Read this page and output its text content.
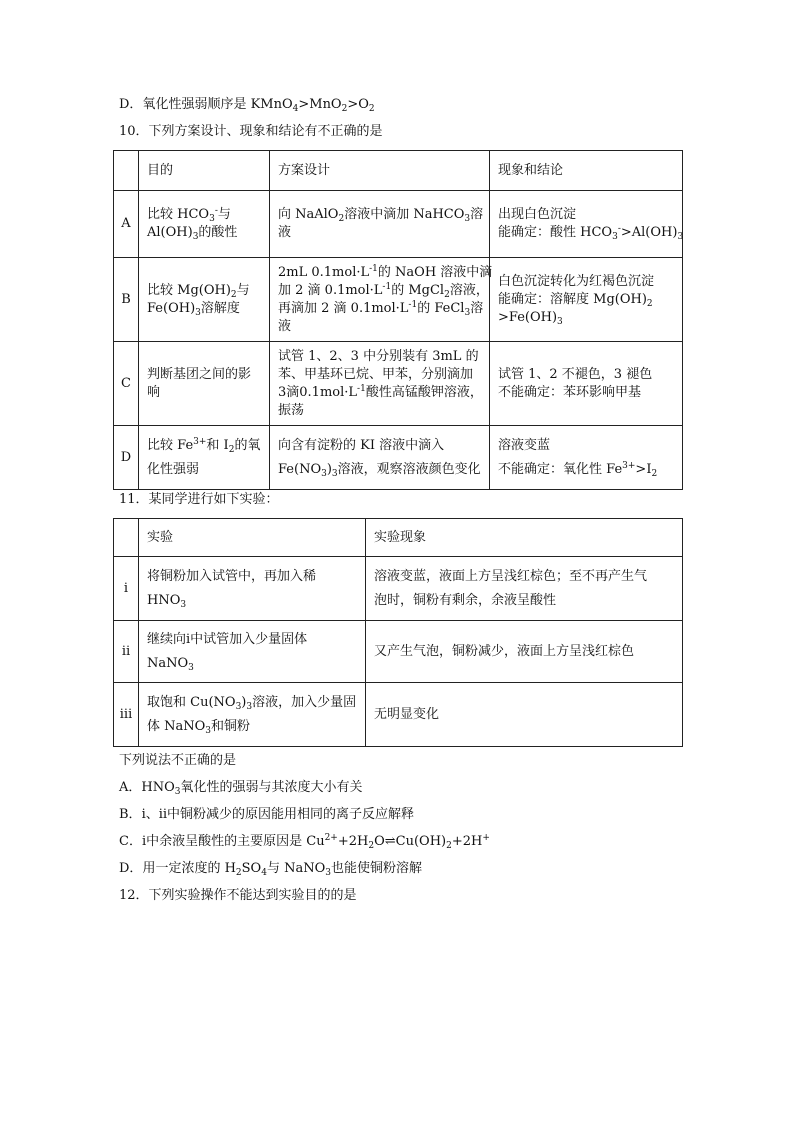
D．氧化性强弱顺序是 $KMnO_4>MnO_2>O_2$
10．下列方案设计、现象和结论有不正确的是
	目的	方案设计	现象和结论
A	比较 $HCO_3^-$与
$Al(OH)_3$的酸性	向 NaAlO$_2$溶液中滴加 NaHCO$_3$溶
液	出现白色沉淀
能确定：酸性 $HCO_3^->Al(OH)_3$

B	比较 $Mg(OH)_2$与
$Fe(OH)_3$溶解度	2mL $0.1mol\cdot L^{-1}$的 NaOH 溶液中滴
加 2 滴 $0.1mol\cdot L^{-1}$的 MgCl$_2$溶液，
再滴加 2 滴 $0.1mol\cdot L^{-1}$的 FeCl$_3$溶
液	白色沉淀转化为红褐色沉淀
能确定：溶解度 $Mg(OH)_2$
$>Fe(OH)_3$

C	判断基团之间的影
响	试管 1、2、3 中分别装有 3mL 的
苯、甲基环已烷、甲苯，分别滴加
3滴$0.1mol\cdot L^{-1}$酸性高锰酸钾溶液，
振荡	试管 1、2 不褪色，3 褪色
不能确定：苯环影响甲基

D	比较 $Fe^{3+}$和 $I_2$的氧
化性强弱	向含有淀粉的 KI 溶液中滴入
$Fe(NO_3)_3$溶液，观察溶液颜色变化	溶液变蓝
不能确定：氧化性 $Fe^{3+}>I_2$
11．某同学进行如下实验：
	实验	实验现象
ⅰ	将铜粉加入试管中，再加入稀
$HNO_3$	溶液变蓝，液面上方呈浅红棕色；至不再产生气
泡时，铜粉有剩余，余液呈酸性

ⅱ	继续向ⅰ中试管加入少量固体
NaNO$_3$	又产生气泡，铜粉减少，液面上方呈浅红棕色
ⅲ	取饱和 $Cu(NO_3)_3$溶液，加入少量固
体 NaNO$_3$和铜粉	无明显变化
下列说法不正确的是
A．$HNO_3$氧化性的强弱与其浓度大小有关
B．ⅰ、ⅱ中铜粉减少的原因能用相同的离子反应解释
C．ⅰ中余液呈酸性的主要原因是 $Cu^{2+}+2H_2O\rightleftharpoons Cu(OH)_2+2H^+$
D．用一定浓度的 $H_2SO_4$与 NaNO$_3$也能使铜粉溶解
12．下列实验操作不能达到实验目的的是
